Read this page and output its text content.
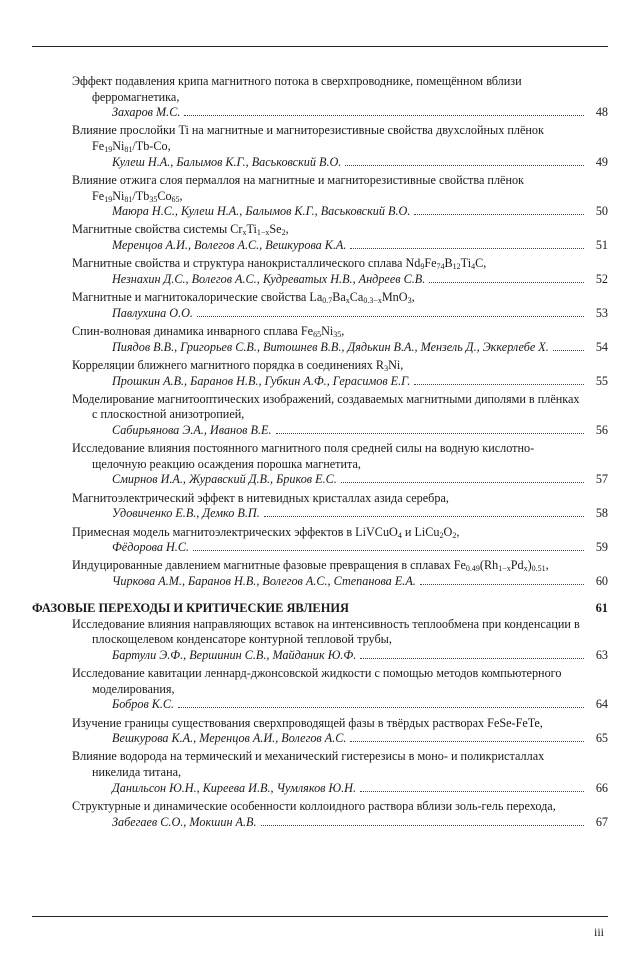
Эффект подавления крипа магнитного потока в сверхпроводнике, помещённом вблизи ферромагнетика,
Захаров М.С.	48
Влияние прослойки Ti на магнитные и магниторезистивные свойства двухслойных плёнок $Fe_{19}Ni_{81}/Tb-Co$,
Кулеш Н.А., Балымов К.Г., Васьковский В.О.	49
Влияние отжига слоя пермаллоя на магнитные и магниторезистивные свойства плёнок $Fe_{19}Ni_{81}/Tb_{35}Co_{65}$,
Маюра Н.С., Кулеш Н.А., Балымов К.Г., Васьковский В.О.	50
Магнитные свойства системы $Cr_xTi_{1-x}Se_2$,
Меренцов А.И., Волегов А.С., Вешкурова К.А.	51
Магнитные свойства и структура нанокристаллического сплава $Nd_9Fe_{74}B_{12}Ti_4C$,
Незнахин Д.С., Волегов А.С., Кудреватых Н.В., Андреев С.В.	52
Магнитные и магнитокалорические свойства $La_{0.7}Ba_xCa_{0.3-x}MnO_3$,
Павлухина О.О.	53
Спин-волновая динамика инварного сплава $Fe_{65}Ni_{35}$,
Пиядов В.В., Григорьев С.В., Витошнев В.В., Дядькин В.А., Мензель Д., Эккерлебе Х.	54
Корреляции ближнего магнитного порядка в соединениях $R_3Ni$,
Прошкин А.В., Баранов Н.В., Губкин А.Ф., Герасимов Е.Г.	55
Моделирование магнитооптических изображений, создаваемых магнитными диполями в плёнках с плоскостной анизотропией,
Сабирьянова Э.А., Иванов В.Е.	56
Исследование влияния постоянного магнитного поля средней силы на водную кислотно-щелочную реакцию осаждения порошка магнетита,
Смирнов И.А., Журавский Д.В., Бриков Е.С.	57
Магнитоэлектрический эффект в нитевидных кристаллах азида серебра,
Удовиченко Е.В., Демко В.П.	58
Примесная модель магнитоэлектрических эффектов в LiVCuO$_4$ и $LiCu_2O_2$,
Фёдорова Н.С.	59
Индуцированные давлением магнитные фазовые превращения в сплавах $Fe_{0.49}(Rh_{1-x}Pd_x)_{0.51}$,
Чиркова А.М., Баранов Н.В., Волегов А.С., Степанова Е.А.	60
ФАЗОВЫЕ ПЕРЕХОДЫ И КРИТИЧЕСКИЕ ЯВЛЕНИЯ	61
Исследование влияния направляющих вставок на интенсивность теплообмена при конденсации в плоскощелевом конденсаторе контурной тепловой трубы,
Бартули Э.Ф., Вершинин С.В., Майданик Ю.Ф.	63
Исследование кавитации леннард-джонсовской жидкости с помощью методов компьютерного моделирования,
Бобров К.С.	64
Изучение границы существования сверхпроводящей фазы в твёрдых растворах FeSe-FeTe,
Вешкурова К.А., Меренцов А.И., Волегов А.С.	65
Влияние водорода на термический и механический гистерезисы в моно- и поликристаллах никелида титана,
Данильсон Ю.Н., Киреева И.В., Чумляков Ю.Н.	66
Структурные и динамические особенности коллоидного раствора вблизи золь-гель перехода,
Забегаев С.О., Мокшин А.В.	67
iii
